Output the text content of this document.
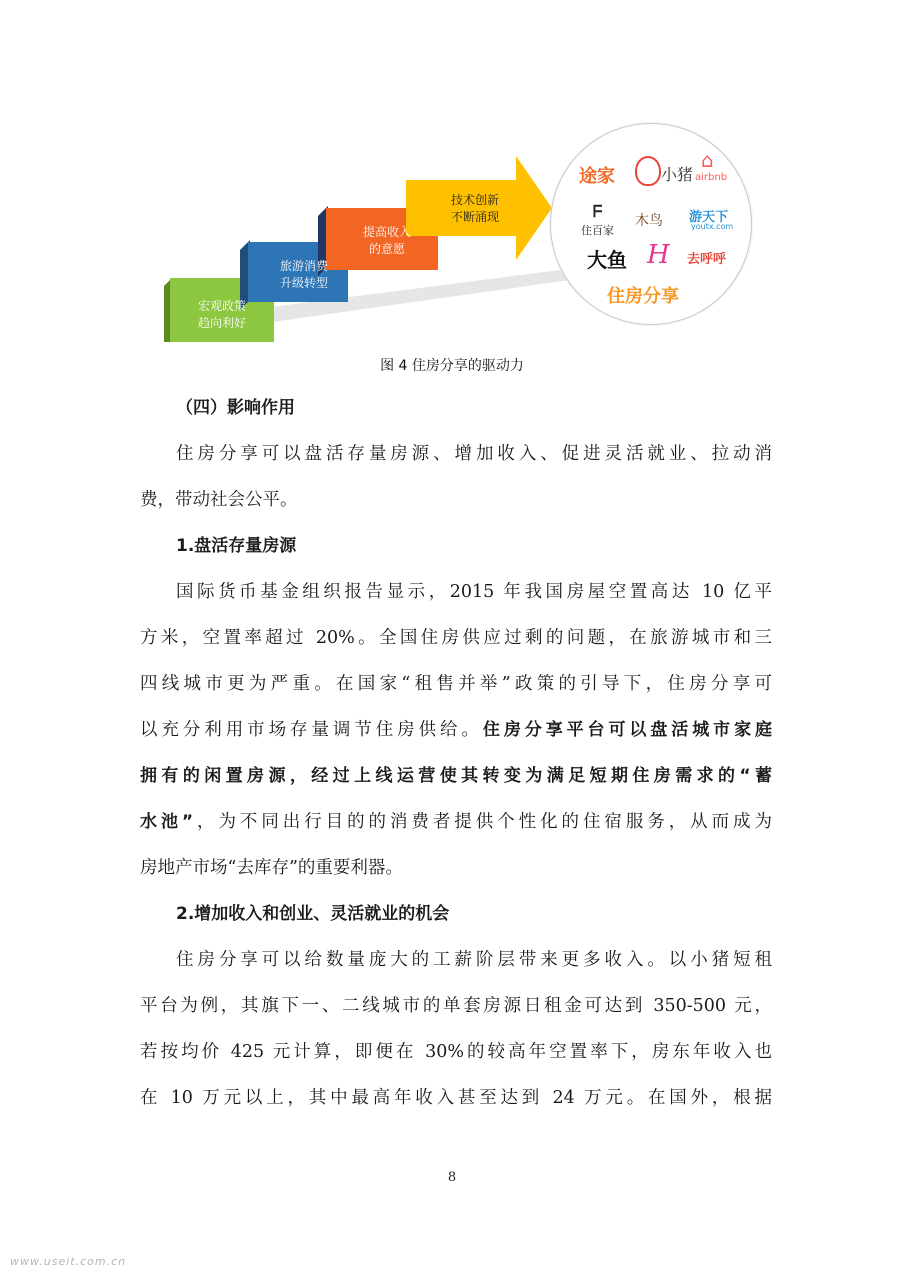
宏观政策
趋向利好
旅游消费
升级转型
提高收入
的意愿
技术创新
不断涌现
途家	小猪
⌂
airbnb
ᖴ
住百家
木鸟 游天下
youtx.com
大鱼 H 去呼呼
住房分享
图 4 住房分享的驱动力
（四）影响作用
住房分享可以盘活存量房源、增加收入、促进灵活就业、拉动消
费，带动社会公平。
1.盘活存量房源
国际货币基金组织报告显示，2015 年我国房屋空置高达 10 亿平
方米，空置率超过 20%。全国住房供应过剩的问题，在旅游城市和三
四线城市更为严重。在国家“租售并举”政策的引导下，住房分享可
以充分利用市场存量调节住房供给。住房分享平台可以盘活城市家庭
拥有的闲置房源，经过上线运营使其转变为满足短期住房需求的“蓄
水池”，为不同出行目的的消费者提供个性化的住宿服务，从而成为
房地产市场“去库存”的重要利器。
2.增加收入和创业、灵活就业的机会
住房分享可以给数量庞大的工薪阶层带来更多收入。以小猪短租
平台为例，其旗下一、二线城市的单套房源日租金可达到 350-500 元，
若按均价 425 元计算，即便在 30%的较高年空置率下，房东年收入也
在 10 万元以上，其中最高年收入甚至达到 24 万元。在国外，根据
8
www.useit.com.cn
